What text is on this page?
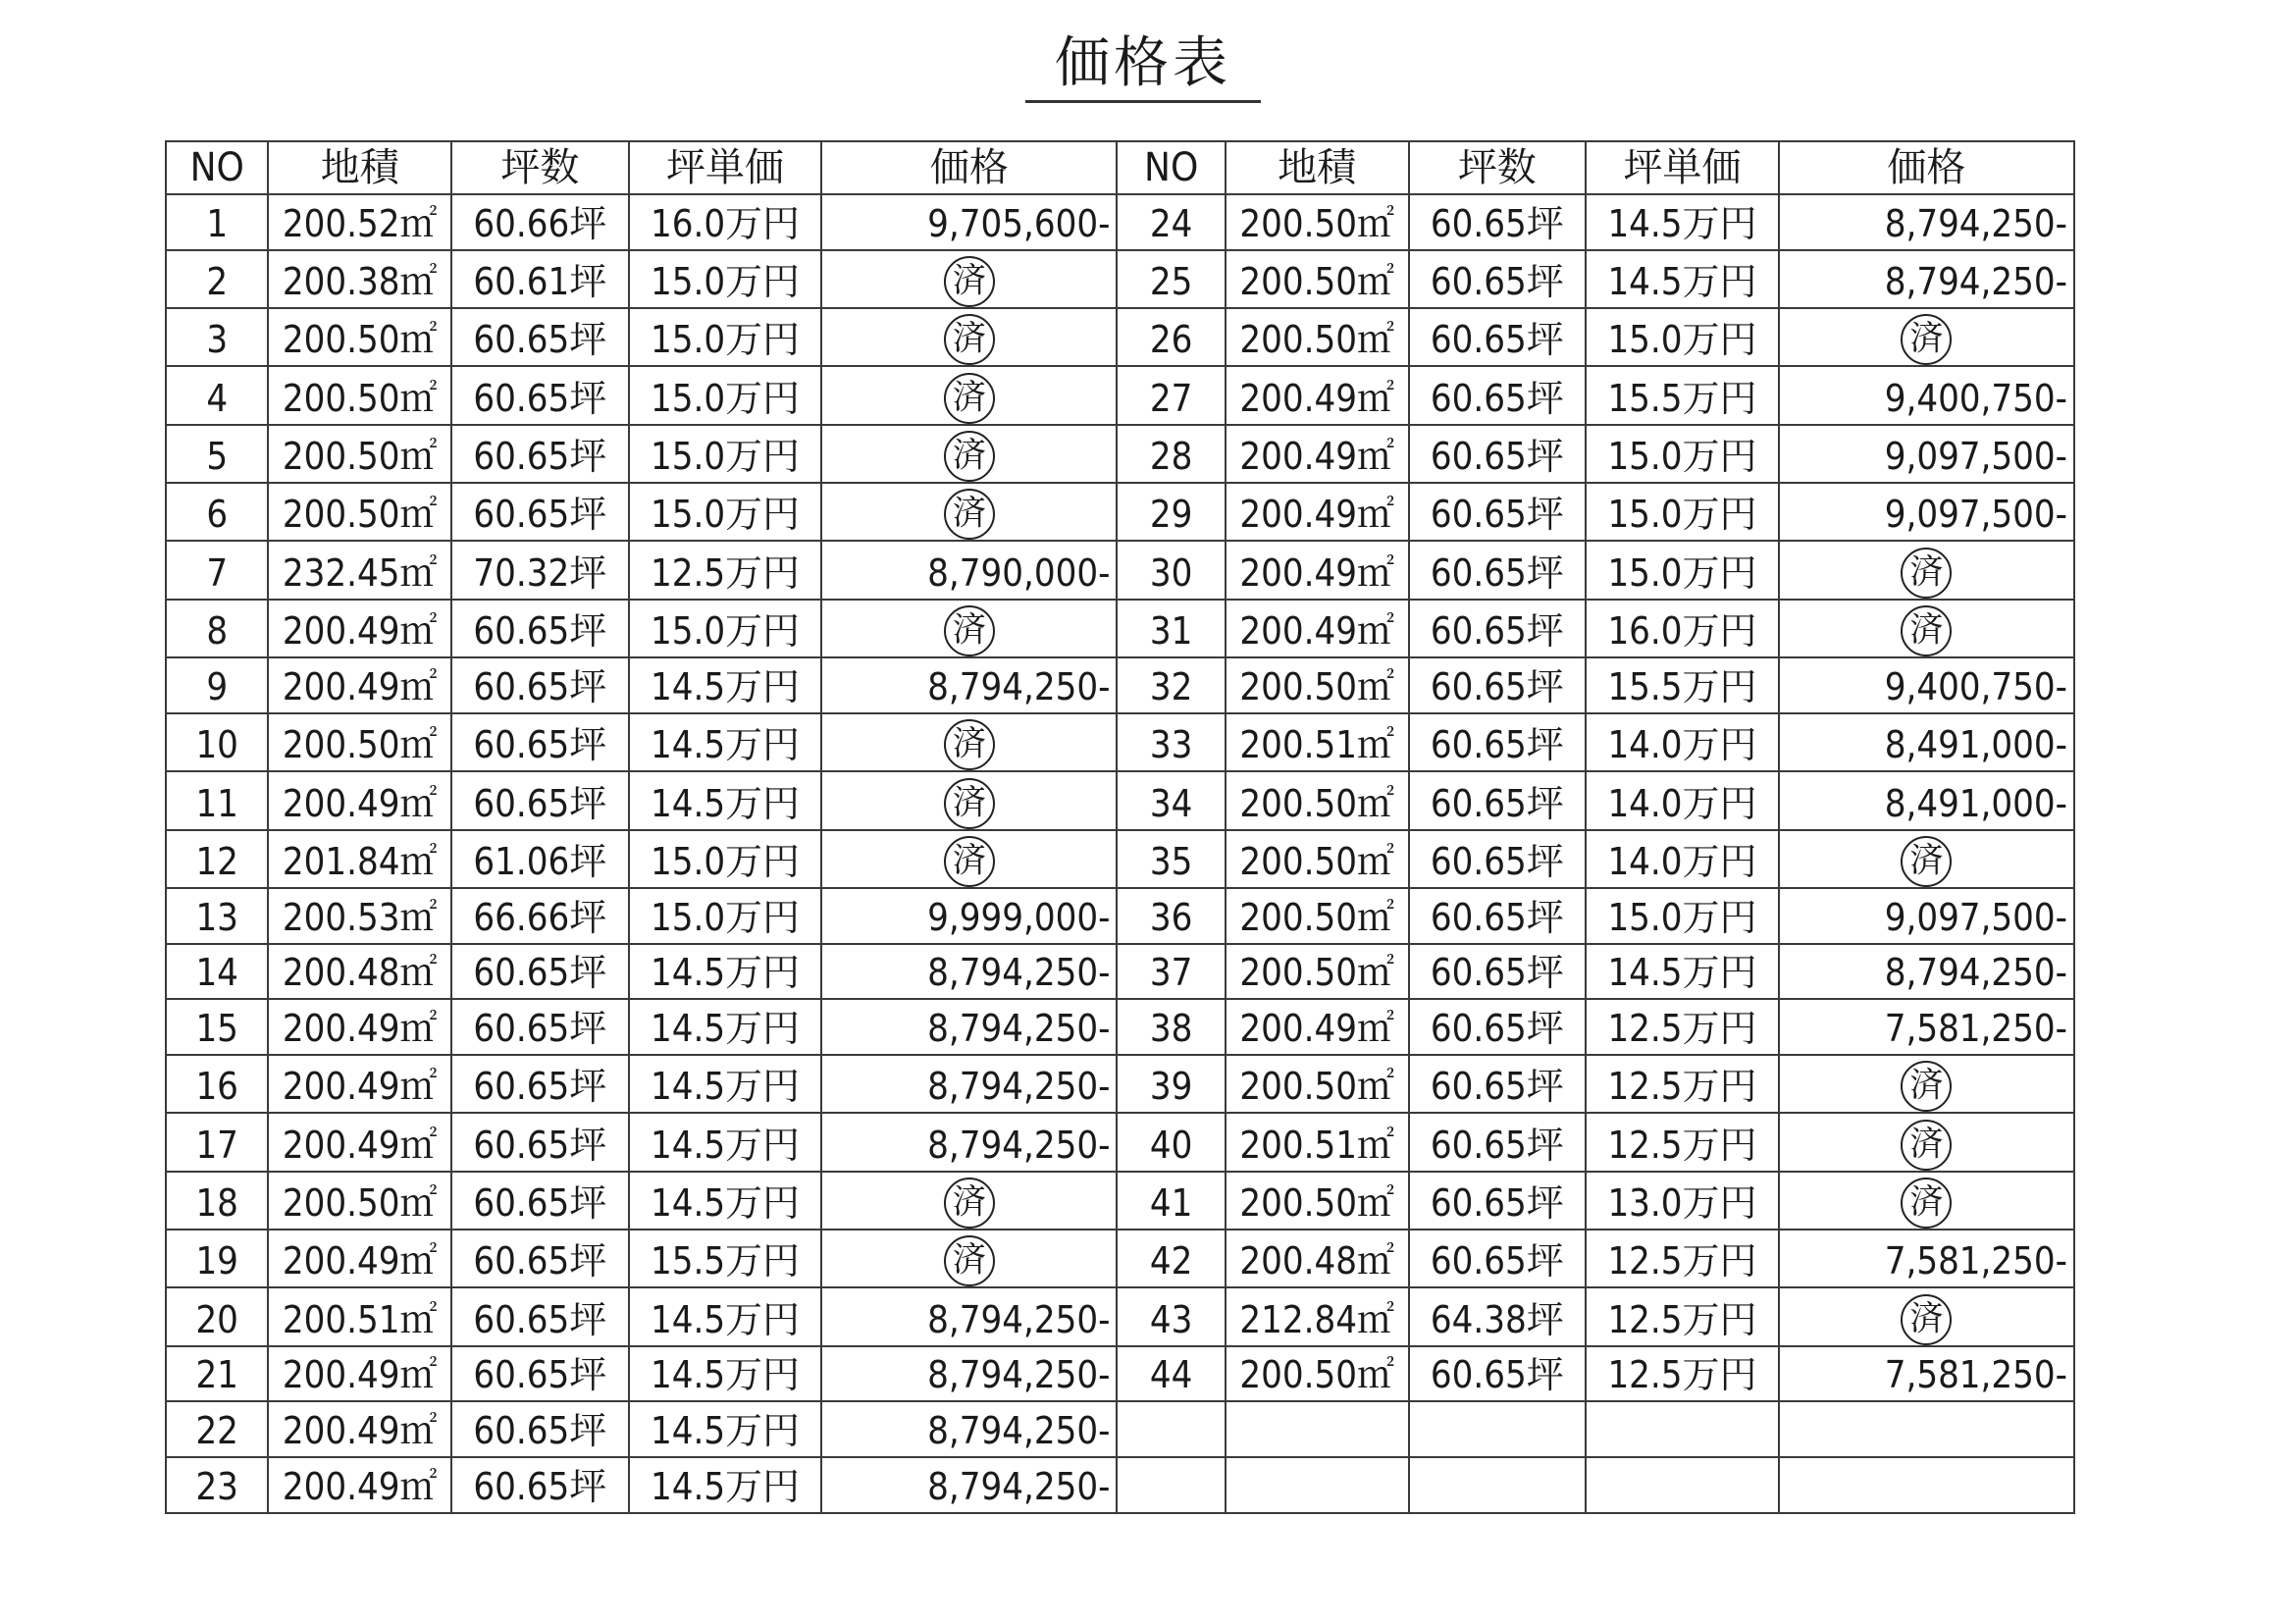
価格表
NO	地積	坪数	坪単価	価格	NO	地積	坪数	坪単価	価格
1	200.52㎡	60.66坪	16.0万円	9,705,600-	24	200.50㎡	60.65坪	14.5万円	8,794,250-
2	200.38㎡	60.61坪	15.0万円	済	25	200.50㎡	60.65坪	14.5万円	8,794,250-
3	200.50㎡	60.65坪	15.0万円	済	26	200.50㎡	60.65坪	15.0万円	済
4	200.50㎡	60.65坪	15.0万円	済	27	200.49㎡	60.65坪	15.5万円	9,400,750-
5	200.50㎡	60.65坪	15.0万円	済	28	200.49㎡	60.65坪	15.0万円	9,097,500-
6	200.50㎡	60.65坪	15.0万円	済	29	200.49㎡	60.65坪	15.0万円	9,097,500-
7	232.45㎡	70.32坪	12.5万円	8,790,000-	30	200.49㎡	60.65坪	15.0万円	済
8	200.49㎡	60.65坪	15.0万円	済	31	200.49㎡	60.65坪	16.0万円	済
9	200.49㎡	60.65坪	14.5万円	8,794,250-	32	200.50㎡	60.65坪	15.5万円	9,400,750-
10	200.50㎡	60.65坪	14.5万円	済	33	200.51㎡	60.65坪	14.0万円	8,491,000-
11	200.49㎡	60.65坪	14.5万円	済	34	200.50㎡	60.65坪	14.0万円	8,491,000-
12	201.84㎡	61.06坪	15.0万円	済	35	200.50㎡	60.65坪	14.0万円	済
13	200.53㎡	66.66坪	15.0万円	9,999,000-	36	200.50㎡	60.65坪	15.0万円	9,097,500-
14	200.48㎡	60.65坪	14.5万円	8,794,250-	37	200.50㎡	60.65坪	14.5万円	8,794,250-
15	200.49㎡	60.65坪	14.5万円	8,794,250-	38	200.49㎡	60.65坪	12.5万円	7,581,250-
16	200.49㎡	60.65坪	14.5万円	8,794,250-	39	200.50㎡	60.65坪	12.5万円	済
17	200.49㎡	60.65坪	14.5万円	8,794,250-	40	200.51㎡	60.65坪	12.5万円	済
18	200.50㎡	60.65坪	14.5万円	済	41	200.50㎡	60.65坪	13.0万円	済
19	200.49㎡	60.65坪	15.5万円	済	42	200.48㎡	60.65坪	12.5万円	7,581,250-
20	200.51㎡	60.65坪	14.5万円	8,794,250-	43	212.84㎡	64.38坪	12.5万円	済
21	200.49㎡	60.65坪	14.5万円	8,794,250-	44	200.50㎡	60.65坪	12.5万円	7,581,250-
22	200.49㎡	60.65坪	14.5万円	8,794,250-					
23	200.49㎡	60.65坪	14.5万円	8,794,250-					
